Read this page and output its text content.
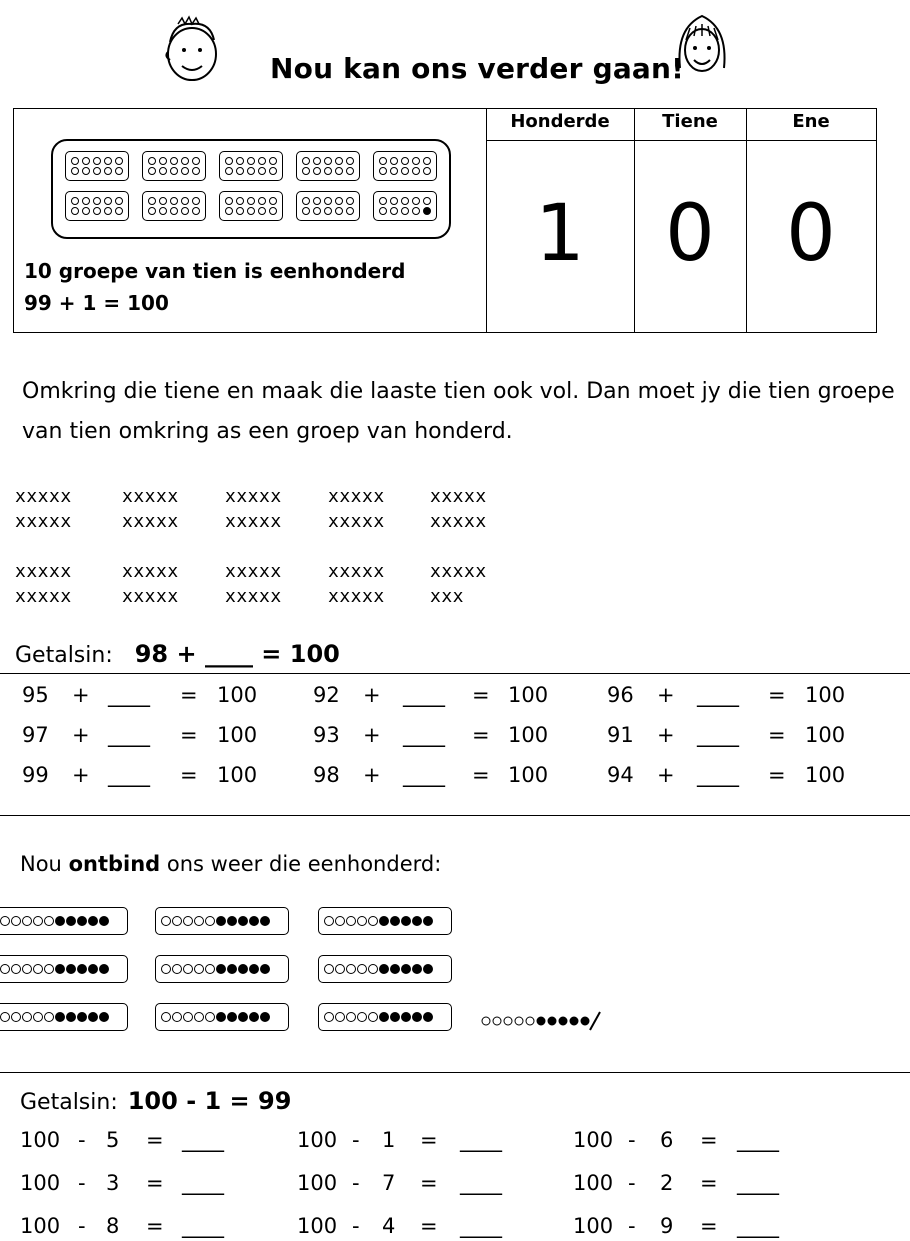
Nou kan ons verder gaan!
Honderde	Tiene	Ene
1	0 0
10 groepe van tien is eenhonderd
99 + 1 = 100
Omkring die tiene en maak die laaste tien ook vol. Dan moet jy die tien groepe van tien omkring as een groep van honderd.
xxxxx	xxxxx	xxxxx	xxxxx	xxxxx
xxxxx	xxxxx	xxxxx	xxxxx	xxxxx
xxxxx	xxxxx	xxxxx	xxxxx	xxxxx
xxxxx	xxxxx	xxxxx	xxxxx	xxx
Getalsin: 98 + ____ = 100
95 + ____ = 100	92 + ____ = 100	96 + ____ = 100
97 + ____ = 100	93 + ____ = 100	91 + ____ = 100
99 + ____ = 100	98 + ____ = 100	94 + ____ = 100
Nou ontbind ons weer die eenhonderd:
Getalsin: 100 - 1 = 99
100 - 5 = ____	100 - 1 = ____	100 - 6 = ____
100 - 3 = ____	100 - 7 = ____	100 - 2 = ____
100 - 8 = ____	100 - 4 = ____	100 - 9 = ____
